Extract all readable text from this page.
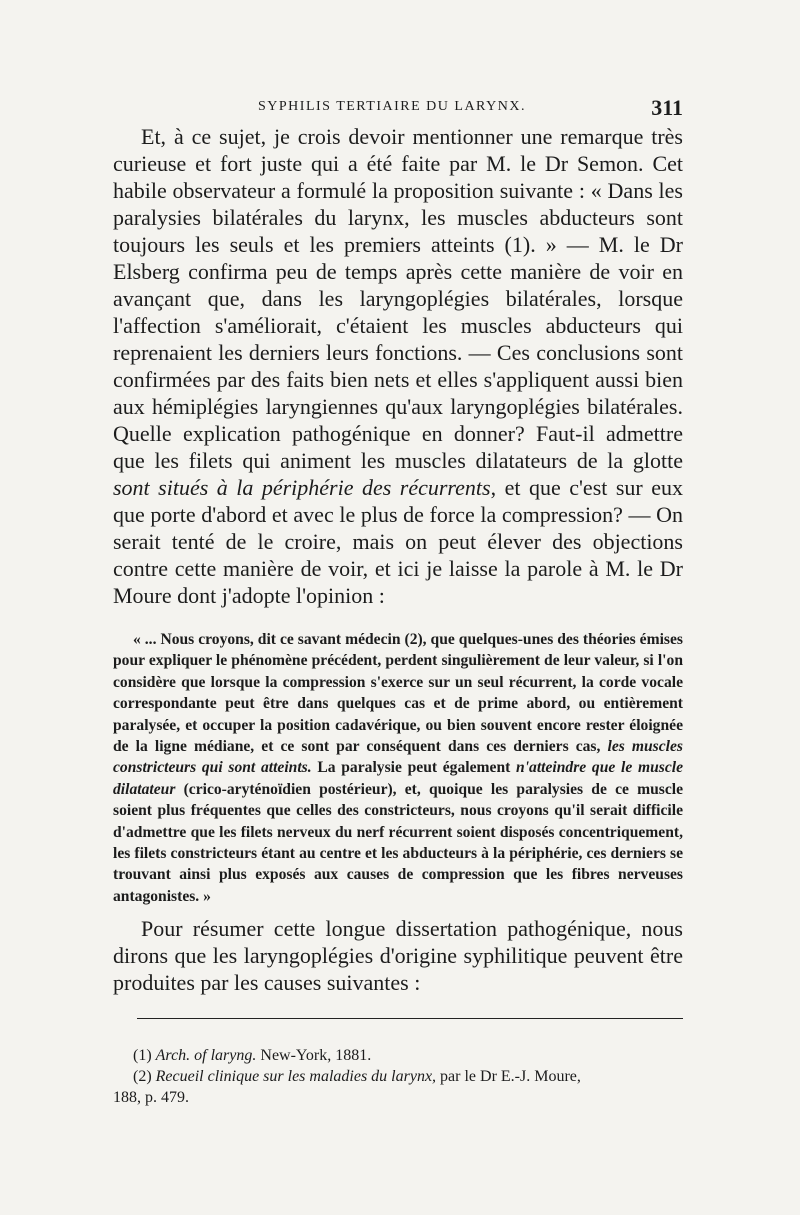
SYPHILIS TERTIAIRE DU LARYNX.	311

Et, à ce sujet, je crois devoir mentionner une remarque très curieuse et fort juste qui a été faite par M. le Dr Semon. Cet habile observateur a formulé la proposition suivante : « Dans les paralysies bilatérales du larynx, les muscles abducteurs sont toujours les seuls et les premiers atteints (1). » — M. le Dr Elsberg confirma peu de temps après cette manière de voir en avançant que, dans les laryngoplégies bilatérales, lorsque l'affection s'améliorait, c'étaient les muscles abducteurs qui reprenaient les derniers leurs fonctions. — Ces conclusions sont confirmées par des faits bien nets et elles s'appliquent aussi bien aux hémiplégies laryngiennes qu'aux laryngoplégies bilatérales. Quelle explication pathogénique en donner? Faut-il admettre que les filets qui animent les muscles dilatateurs de la glotte sont situés à la périphérie des récurrents, et que c'est sur eux que porte d'abord et avec le plus de force la compression? — On serait tenté de le croire, mais on peut élever des objections contre cette manière de voir, et ici je laisse la parole à M. le Dr Moure dont j'adopte l'opinion :

« ... Nous croyons, dit ce savant médecin (2), que quelques-unes des théories émises pour expliquer le phénomène précédent, perdent singulièrement de leur valeur, si l'on considère que lorsque la compression s'exerce sur un seul récurrent, la corde vocale correspondante peut être dans quelques cas et de prime abord, ou entièrement paralysée, et occuper la position cadavérique, ou bien souvent encore rester éloignée de la ligne médiane, et ce sont par conséquent dans ces derniers cas, les muscles constricteurs qui sont atteints. La paralysie peut également n'atteindre que le muscle dilatateur (crico-aryténoïdien postérieur), et, quoique les paralysies de ce muscle soient plus fréquentes que celles des constricteurs, nous croyons qu'il serait difficile d'admettre que les filets nerveux du nerf récurrent soient disposés concentriquement, les filets constricteurs étant au centre et les abducteurs à la périphérie, ces derniers se trouvant ainsi plus exposés aux causes de compression que les fibres nerveuses antagonistes. »

Pour résumer cette longue dissertation pathogénique, nous dirons que les laryngoplégies d'origine syphilitique peuvent être produites par les causes suivantes :

(1) Arch. of laryng. New-York, 1881.
(2) Recueil clinique sur les maladies du larynx, par le Dr E.-J. Moure,
188, p. 479.
